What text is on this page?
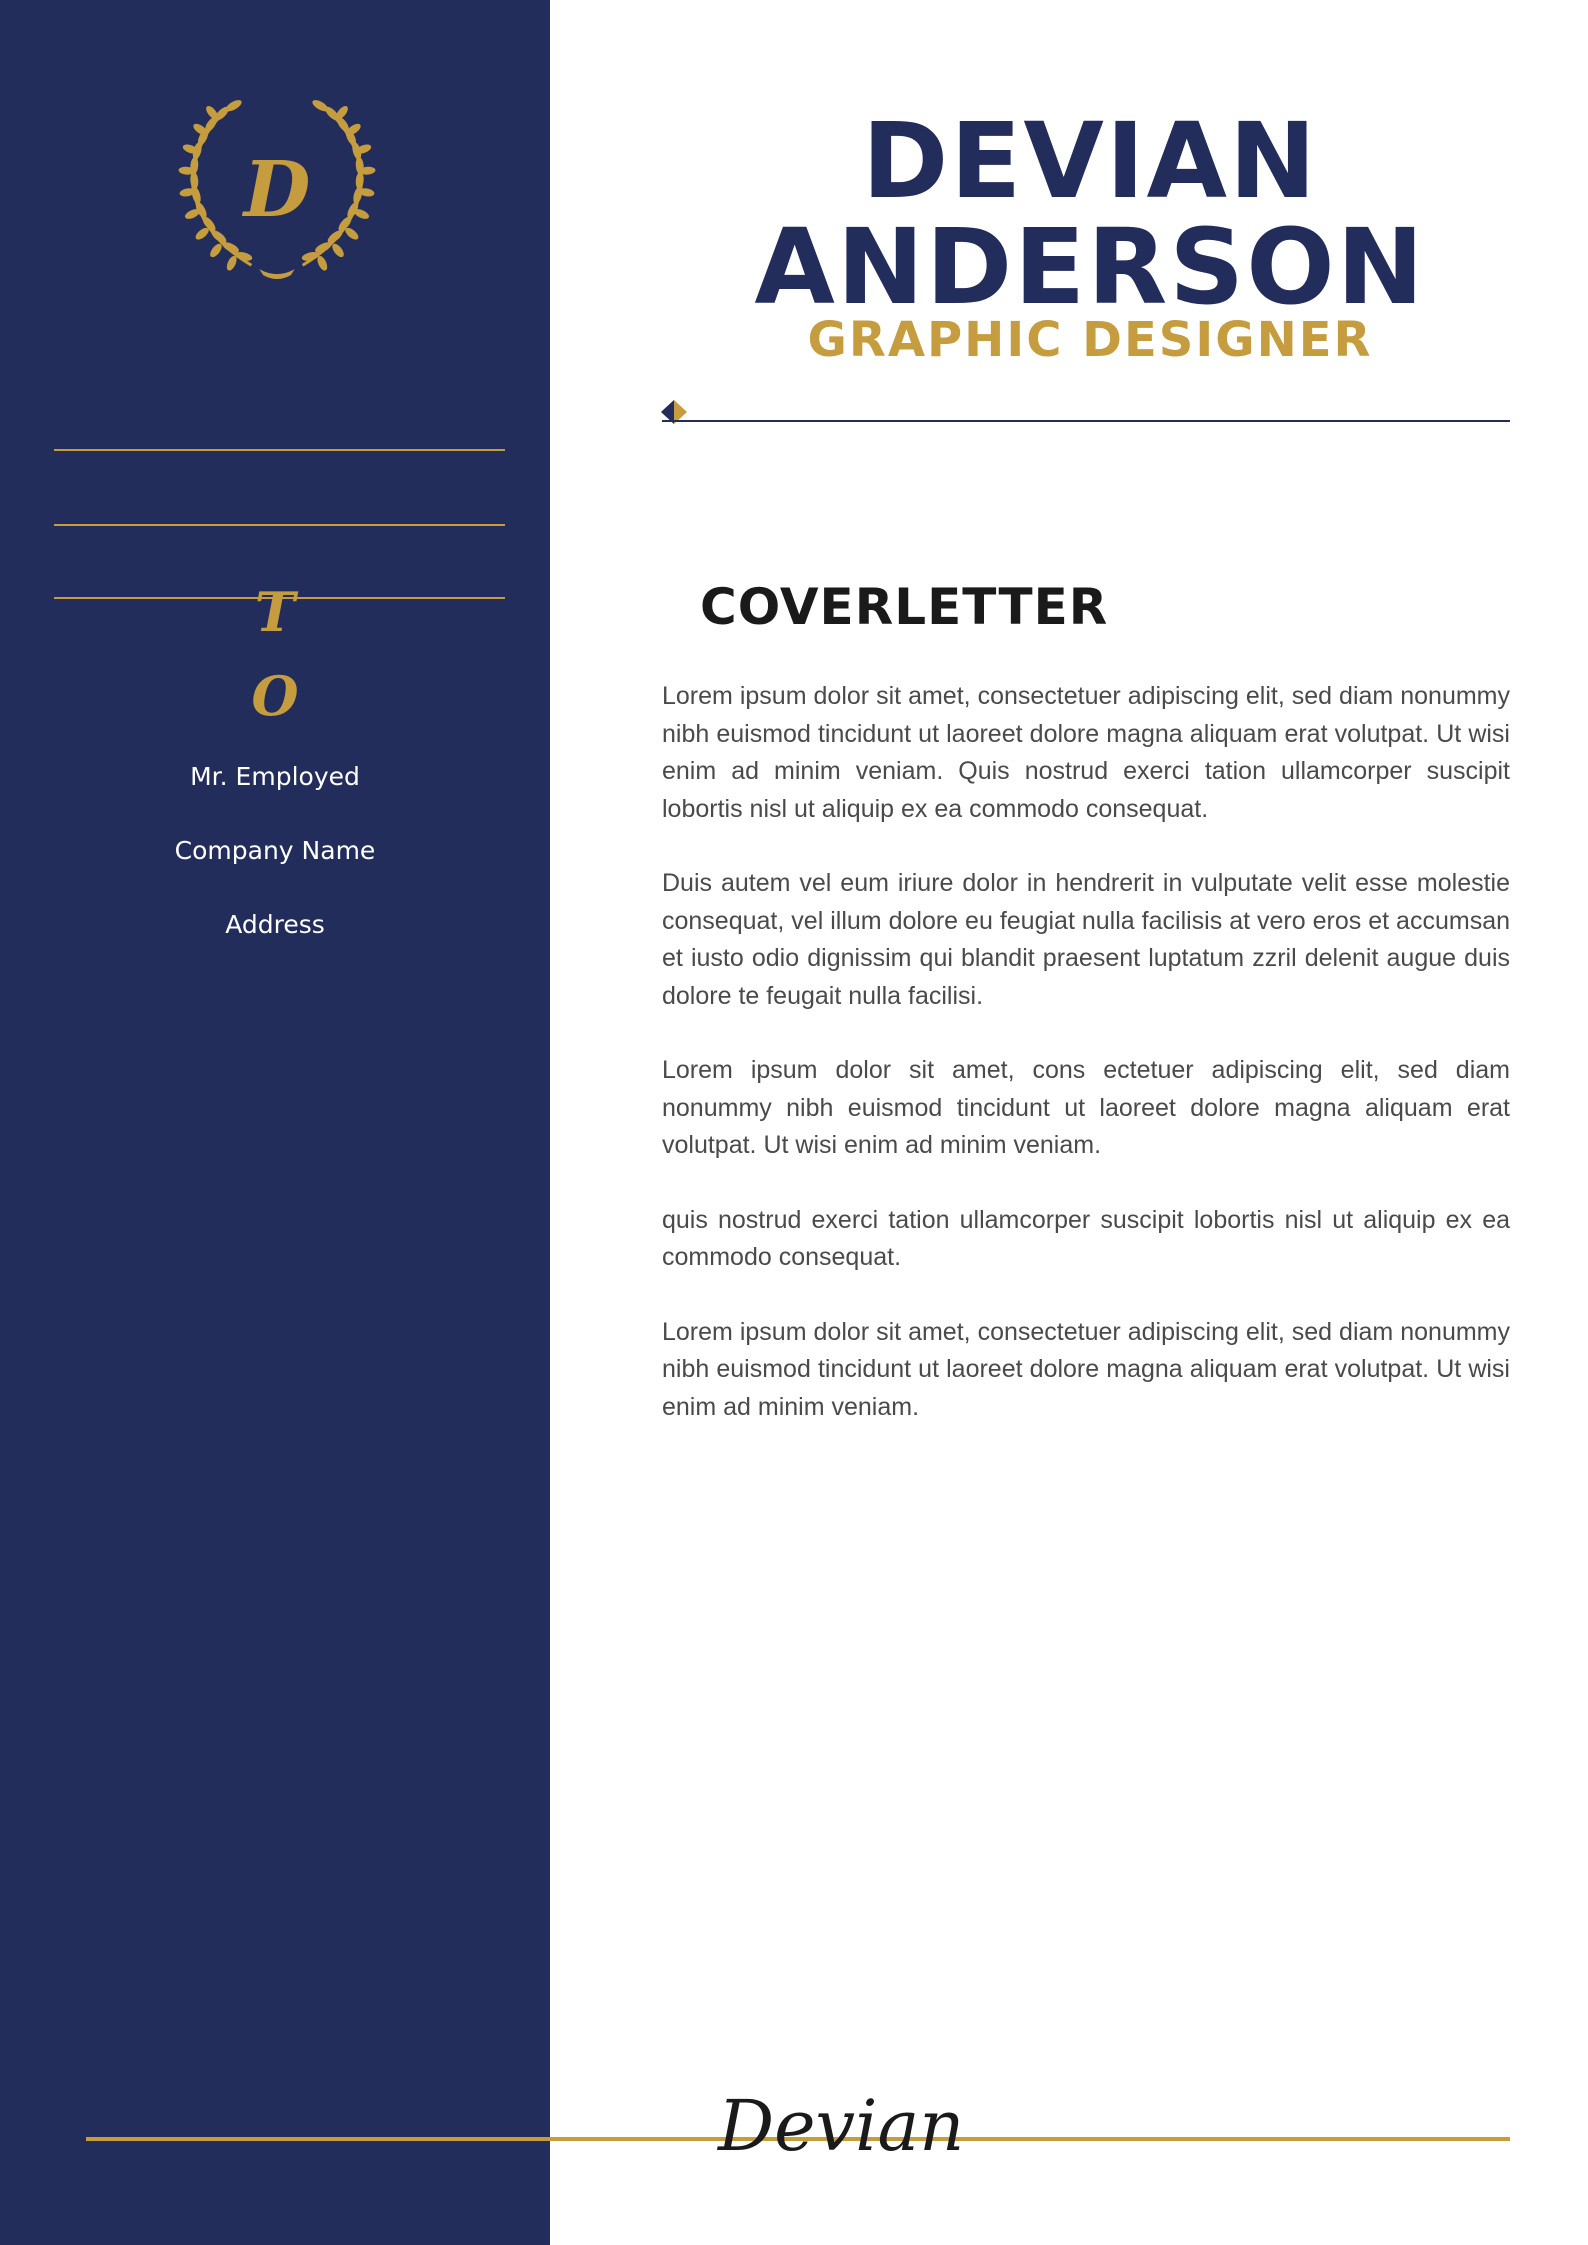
D
T
O
Mr. Employed
Company Name
Address
DEVIAN
ANDERSON
GRAPHIC DESIGNER
COVERLETTER

Lorem ipsum dolor sit amet, consectetuer adipiscing elit, sed diam nonummy nibh euismod tincidunt ut laoreet dolore magna aliquam erat volutpat. Ut wisi enim ad minim veniam. Quis nostrud exerci tation ullamcorper suscipit lobortis nisl ut aliquip ex ea commodo consequat.

Duis autem vel eum iriure dolor in hendrerit in vulputate velit esse molestie consequat, vel illum dolore eu feugiat nulla facilisis at vero eros et accumsan et iusto odio dignissim qui blandit praesent luptatum zzril delenit augue duis dolore te feugait nulla facilisi.

Lorem ipsum dolor sit amet, cons ectetuer adipiscing elit, sed diam nonummy nibh euismod tincidunt ut laoreet dolore magna aliquam erat volutpat. Ut wisi enim ad minim veniam.

quis nostrud exerci tation ullamcorper suscipit lobortis nisl ut aliquip ex ea commodo consequat.

Lorem ipsum dolor sit amet, consectetuer adipiscing elit, sed diam nonummy nibh euismod tincidunt ut laoreet dolore magna aliquam erat volutpat. Ut wisi enim ad minim veniam.

Devian
